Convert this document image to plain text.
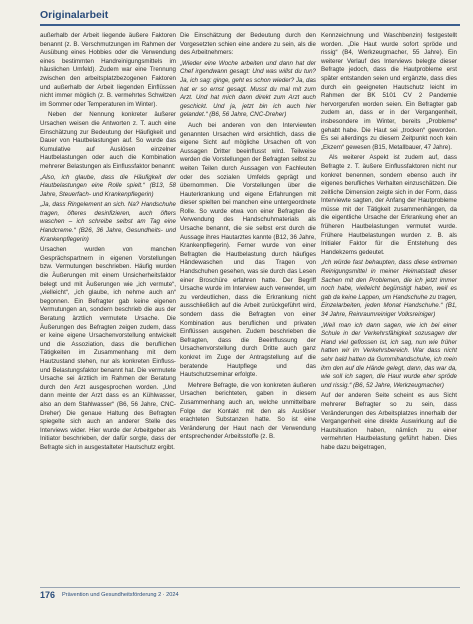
Originalarbeit

außerhalb der Arbeit liegende äußere Faktoren benannt (z. B. Verschmutzungen im Rahmen der Ausübung eines Hobbies oder die Verwendung eines bestimmten Handreinigungsmittels im häuslichen Umfeld). Zudem war eine Trennung zwischen den arbeitsplatzbezogenen Faktoren und außerhalb der Arbeit liegenden Einflüssen nicht immer möglich (z. B. vermehrtes Schwitzen im Sommer oder Temperaturen im Winter).

Neben der Nennung konkreter äußerer Ursachen weisen die Antworten z. T. auch eine Einschätzung zur Bedeutung der Häufigkeit und Dauer von Hautbelastungen auf. So wurde das Kumulative auf Auslösen einzelner Hautbelastungen oder auch die Kombination mehrerer Belastungen als Einflussfaktor benannt:

„Also, ich glaube, dass die Häufigkeit der Hautbelastungen eine Rolle spielt.“ (B13, 58 Jahre, Steuerfach- und Krankenpflegerin)

„Ja, dass Ringelement an sich. Na? Handschuhe tragen, öfteres desinfizieren, auch öfters waschen – ich schreibe selbst am Tag eine Handcreme.“ (B26, 36 Jahre, Gesundheits- und Krankenpflegerin)

Ursachen wurden von manchen Gesprächspartnern in eigenen Vorstellungen bzw. Vermutungen beschrieben. Häufig wurden die Äußerungen mit einem Unsicherheitsfaktor belegt und mit Äußerungen wie „ich vermute“, „vielleicht“, „ich glaube, ich nehme auch an“ begonnen. Ein Befragter gab keine eigenen Vermutungen an, sondern beschrieb die aus der Beratung ärztlich vermutete Ursache. Die Äußerungen des Befragten zeigen zudem, dass er keine eigene Ursachenvorstellung entwickelt und die Assoziation, dass die beruflichen Tätigkeiten im Zusammenhang mit dem Hautzustand stehen, nur als konkreten Einfluss- und Belastungsfaktor benannt hat. Die vermutete Ursache sei ärztlich im Rahmen der Beratung durch den Arzt ausgesprochen worden. „Und dann meinte der Arzt dass es an Kühlwasser, also an dem Stahlwasser“ (B6, 56 Jahre, CNC-Dreher) Die genaue Haltung des Befragten spiegelte sich auch an anderer Stelle des Interviews wider. Hier wurde der Arbeitgeber als Initiator beschrieben, der dafür sorgte, dass der Befragte sich in ausgestalteter Hautschutz ergibt.

Die Einschätzung der Bedeutung durch den Vorgesetzten schien eine andere zu sein, als die des Arbeitnehmers:

„Wieder eine Woche arbeiten und dann hat der Chef irgendwann gesagt: Und was willst du tun? Ja, ich sag: ginge, geht es schon wieder? Ja, das hat er so ernst gesagt. Musst du mal mit zum Arzt. Und hat mich dann direkt zum Arzt auch geschickt. Und ja, jetzt bin ich auch hier gelandet.“ (B6, 56 Jahre, CNC-Dreher)

Auch bei anderen von den Interviewten genannten Ursachen wird ersichtlich, dass die eigene Sicht auf mögliche Ursachen oft von Aussagen Dritter beeinflusst wird. Teilweise werden die Vorstellungen der Befragten selbst zu weiten Teilen durch Aussagen von Fachleuten oder des sozialen Umfelds geprägt und übernommen. Die Vorstellungen über die Hauterkrankung und eigene Erfahrungen mit dieser spielten bei manchen eine untergeordnete Rolle. So wurde etwa von einer Befragten die Verwendung des Handschuhmaterials als Ursache benannt, die sie selbst erst durch die Aussage ihres Hautarztes kannte (B12, 36 Jahre, Krankenpflegerin). Ferner wurde von einer Befragten die Hautbelastung durch häufiges Händewaschen und das Tragen von Handschuhen gesehen, was sie durch das Lesen einer Broschüre erfahren hatte. Der Begriff Ursache wurde im Interview auch verwendet, um zu verdeutlichen, dass die Erkrankung nicht ausschließlich auf die Arbeit zurückgeführt wird, sondern dass die Befragten von einer Kombination aus beruflichen und privaten Einflüssen ausgehen. Zudem beschrieben die Befragten, dass die Beeinflussung der Ursachenvorstellung durch Dritte auch ganz konkret im Zuge der Antragstellung auf die beratende Hautpflege und das Hautschutzseminar erfolgte.

Mehrere Befragte, die von konkreten äußeren Ursachen berichteten, gaben in diesem Zusammenhang auch an, welche unmittelbare Folge der Kontakt mit den als Auslöser erachteten Substanzen hatte. So ist eine Veränderung der Haut nach der Verwendung entsprechender Arbeitsstoffe (z. B.

Kennzeichnung und Waschbenzin) festgestellt worden. „Die Haut wurde sofort spröde und rissig“ (B4, Werkzeugmacher, 55 Jahre). Ein weiterer Verlauf des Interviews belegte dieser Befragte jedoch, dass die Hautprobleme erst später entstanden seien und ergänzte, dass dies durch ein geeigneten Hautschutz leicht im Rahmen der BK 5101 CV 2 Pandemie hervorgerufen worden seien. Ein Befragter gab zudem an, dass er in der Vergangenheit, insbesondere im Winter, bereits „Probleme“ gehabt habe. Die Haut sei „trocken“ geworden. Es sei allerdings zu diesem Zeitpunkt noch kein „Ekzem“ gewesen (B15, Metallbauer, 47 Jahre).

Als weiterer Aspekt ist zudem auf, dass Befragte z. T. äußere Einflussfaktoren nicht nur konkret benennen, sondern ebenso auch ihr eigenes berufliches Verhalten einzuschätzen. Die zeitliche Dimension zeigte sich in der Form, dass Interviewte sagten, der Anfang der Hautprobleme müsse mit der Tätigkeit zusammenhängen, da die eigentliche Ursache der Erkrankung eher an früheren Hautbelastungen vermutet wurde. Frühere Hautbelastungen wurden z. B. als Initialer Faktor für die Entstehung des Handekzems gedeutet.

„Ich würde fast behaupten, dass diese extremen Reinigungsmittel in meiner Heimatstadt dieser Sachen mit den Problemen, die ich jetzt immer noch habe, vielleicht begünstigt haben, weil es gab da keine Lappen, um Handschuhe zu tragen, Einzelarbeiten, jeden Monat Handschuhe.“ (B1, 34 Jahre, Reinraumreiniger Volksreiniger)

„Weil man ich dann sagen, wie ich bei einer Schule in der Verkehrsfähigkeit sozusagen der Hand viel geflossen ist, ich sag, nun wie früher hatten wir im Verkehrsbereich. War dass nicht sehr bald hatten da Gummihandschuhe, ich mein ihm den auf die Hände gelegt, dann, das war da, wie soll ich sagen, die Haut wurde eher spröde und rissig.“ (B6, 52 Jahre, Werkzeugmacher)

Auf der anderen Seite scheint es aus Sicht mehrerer Befragter so zu sein, dass Veränderungen des Arbeitsplatzes innerhalb der Vergangenheit eine direkte Auswirkung auf die Hautsituation haben, nämlich zu einer vermehrten Hautbelastung geführt haben. Dies habe dazu beigetragen,

176 Prävention und Gesundheitsförderung 2 · 2024
